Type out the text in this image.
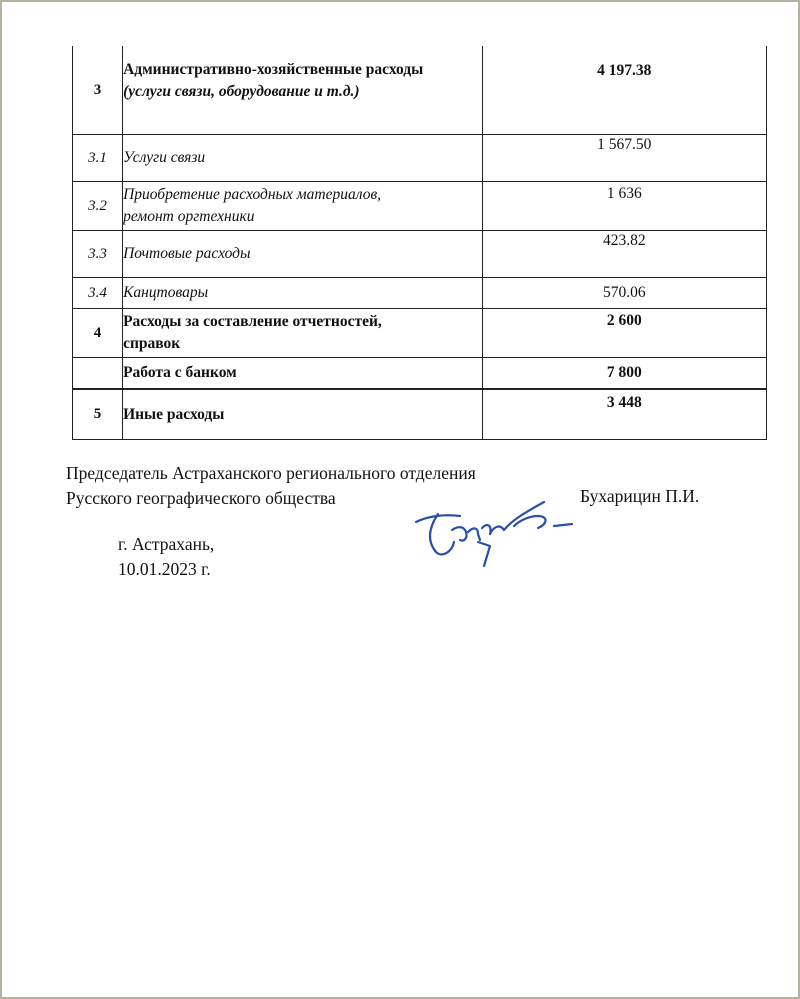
3	Административно-хозяйственные расходы
(услуги связи, оборудование и т.д.)	4 197.38
3.1	Услуги связи	1 567.50
3.2	Приобретение расходных материалов,
ремонт оргтехники	1 636
3.3	Почтовые расходы	423.82
3.4	Канцтовары	570.06
4	Расходы за составление отчетностей,
справок	2 600
	Работа с банком	7 800
5	Иные расходы	3 448
Председатель Астраханского регионального отделения
Русского географического общества	Бухарицин П.И.
г. Астрахань,
10.01.2023 г.
